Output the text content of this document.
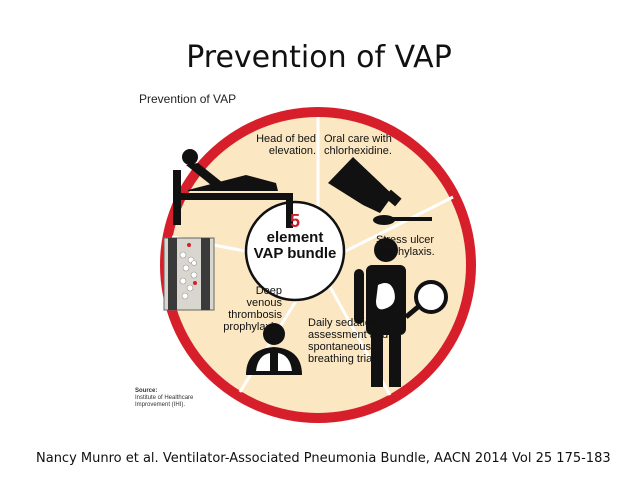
Prevention of VAP
Prevention of VAP
5
element
VAP bundle
Head of bed elevation.
Oral care with chlorhexidine.
Stress ulcer prophylaxis.
Daily sedation assessment and spontaneous breathing trials.
Deep venous thrombosis prophylaxis.
Source:
Institute of Healthcare
Improvement (IHI).
Nancy Munro et al. Ventilator-Associated Pneumonia Bundle, AACN 2014 Vol 25 175-183
